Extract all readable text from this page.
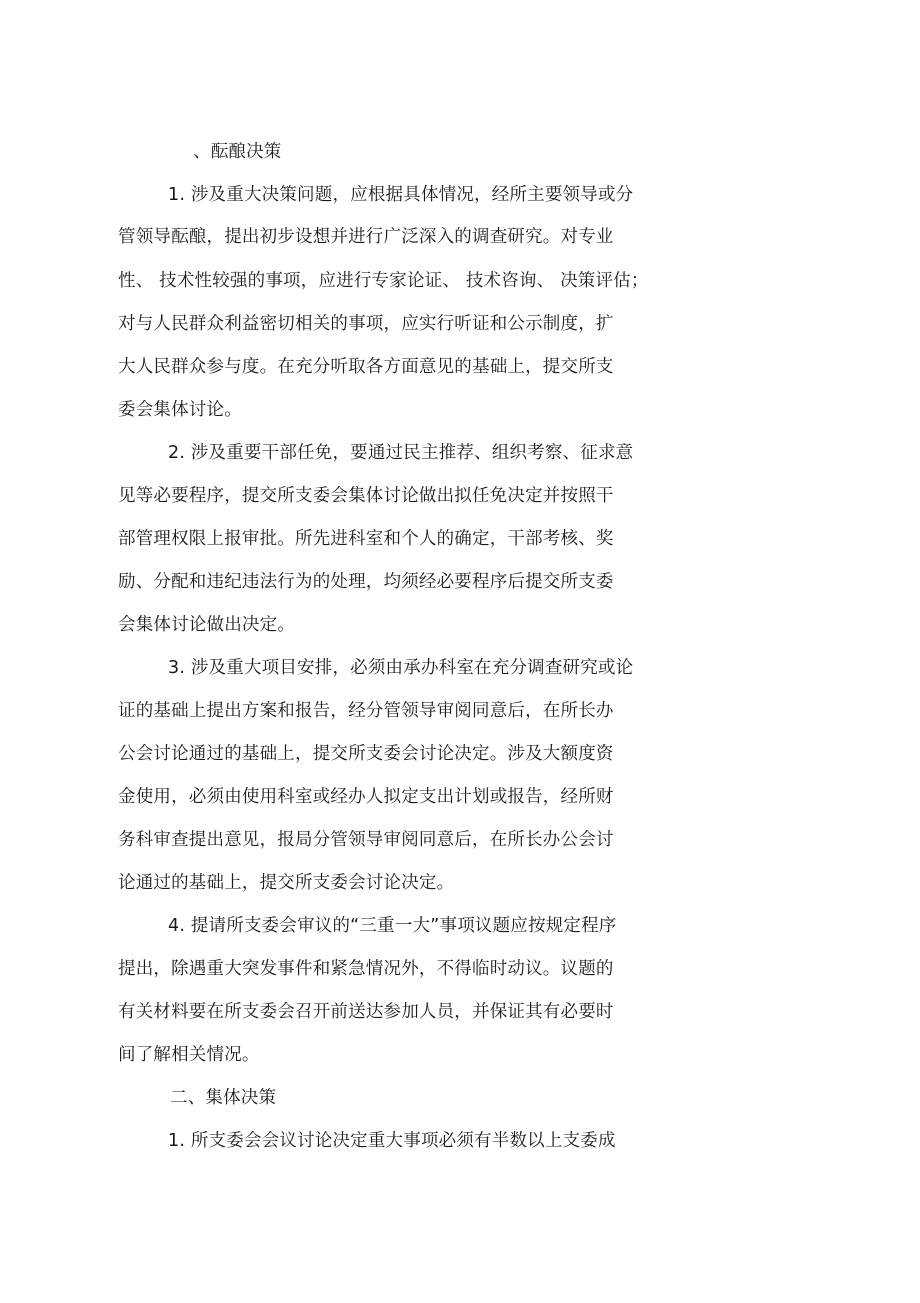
、酝酿决策
1. 涉及重大决策问题，应根据具体情况，经所主要领导或分
管领导酝酿，提出初步设想并进行广泛深入的调查研究。对专业
性、 技术性较强的事项，应进行专家论证、 技术咨询、 决策评估；
对与人民群众利益密切相关的事项，应实行听证和公示制度，扩
大人民群众参与度。在充分听取各方面意见的基础上，提交所支
委会集体讨论。
2. 涉及重要干部任免，要通过民主推荐、组织考察、征求意
见等必要程序，提交所支委会集体讨论做出拟任免决定并按照干
部管理权限上报审批。所先进科室和个人的确定，干部考核、奖
励、分配和违纪违法行为的处理，均须经必要程序后提交所支委
会集体讨论做出决定。
3. 涉及重大项目安排，必须由承办科室在充分调查研究或论
证的基础上提出方案和报告，经分管领导审阅同意后，在所长办
公会讨论通过的基础上，提交所支委会讨论决定。涉及大额度资
金使用，必须由使用科室或经办人拟定支出计划或报告，经所财
务科审查提出意见，报局分管领导审阅同意后，在所长办公会讨
论通过的基础上，提交所支委会讨论决定。
4. 提请所支委会审议的“三重一大”事项议题应按规定程序
提出，除遇重大突发事件和紧急情况外，不得临时动议。议题的
有关材料要在所支委会召开前送达参加人员，并保证其有必要时
间了解相关情况。
二、集体决策
1. 所支委会会议讨论决定重大事项必须有半数以上支委成
